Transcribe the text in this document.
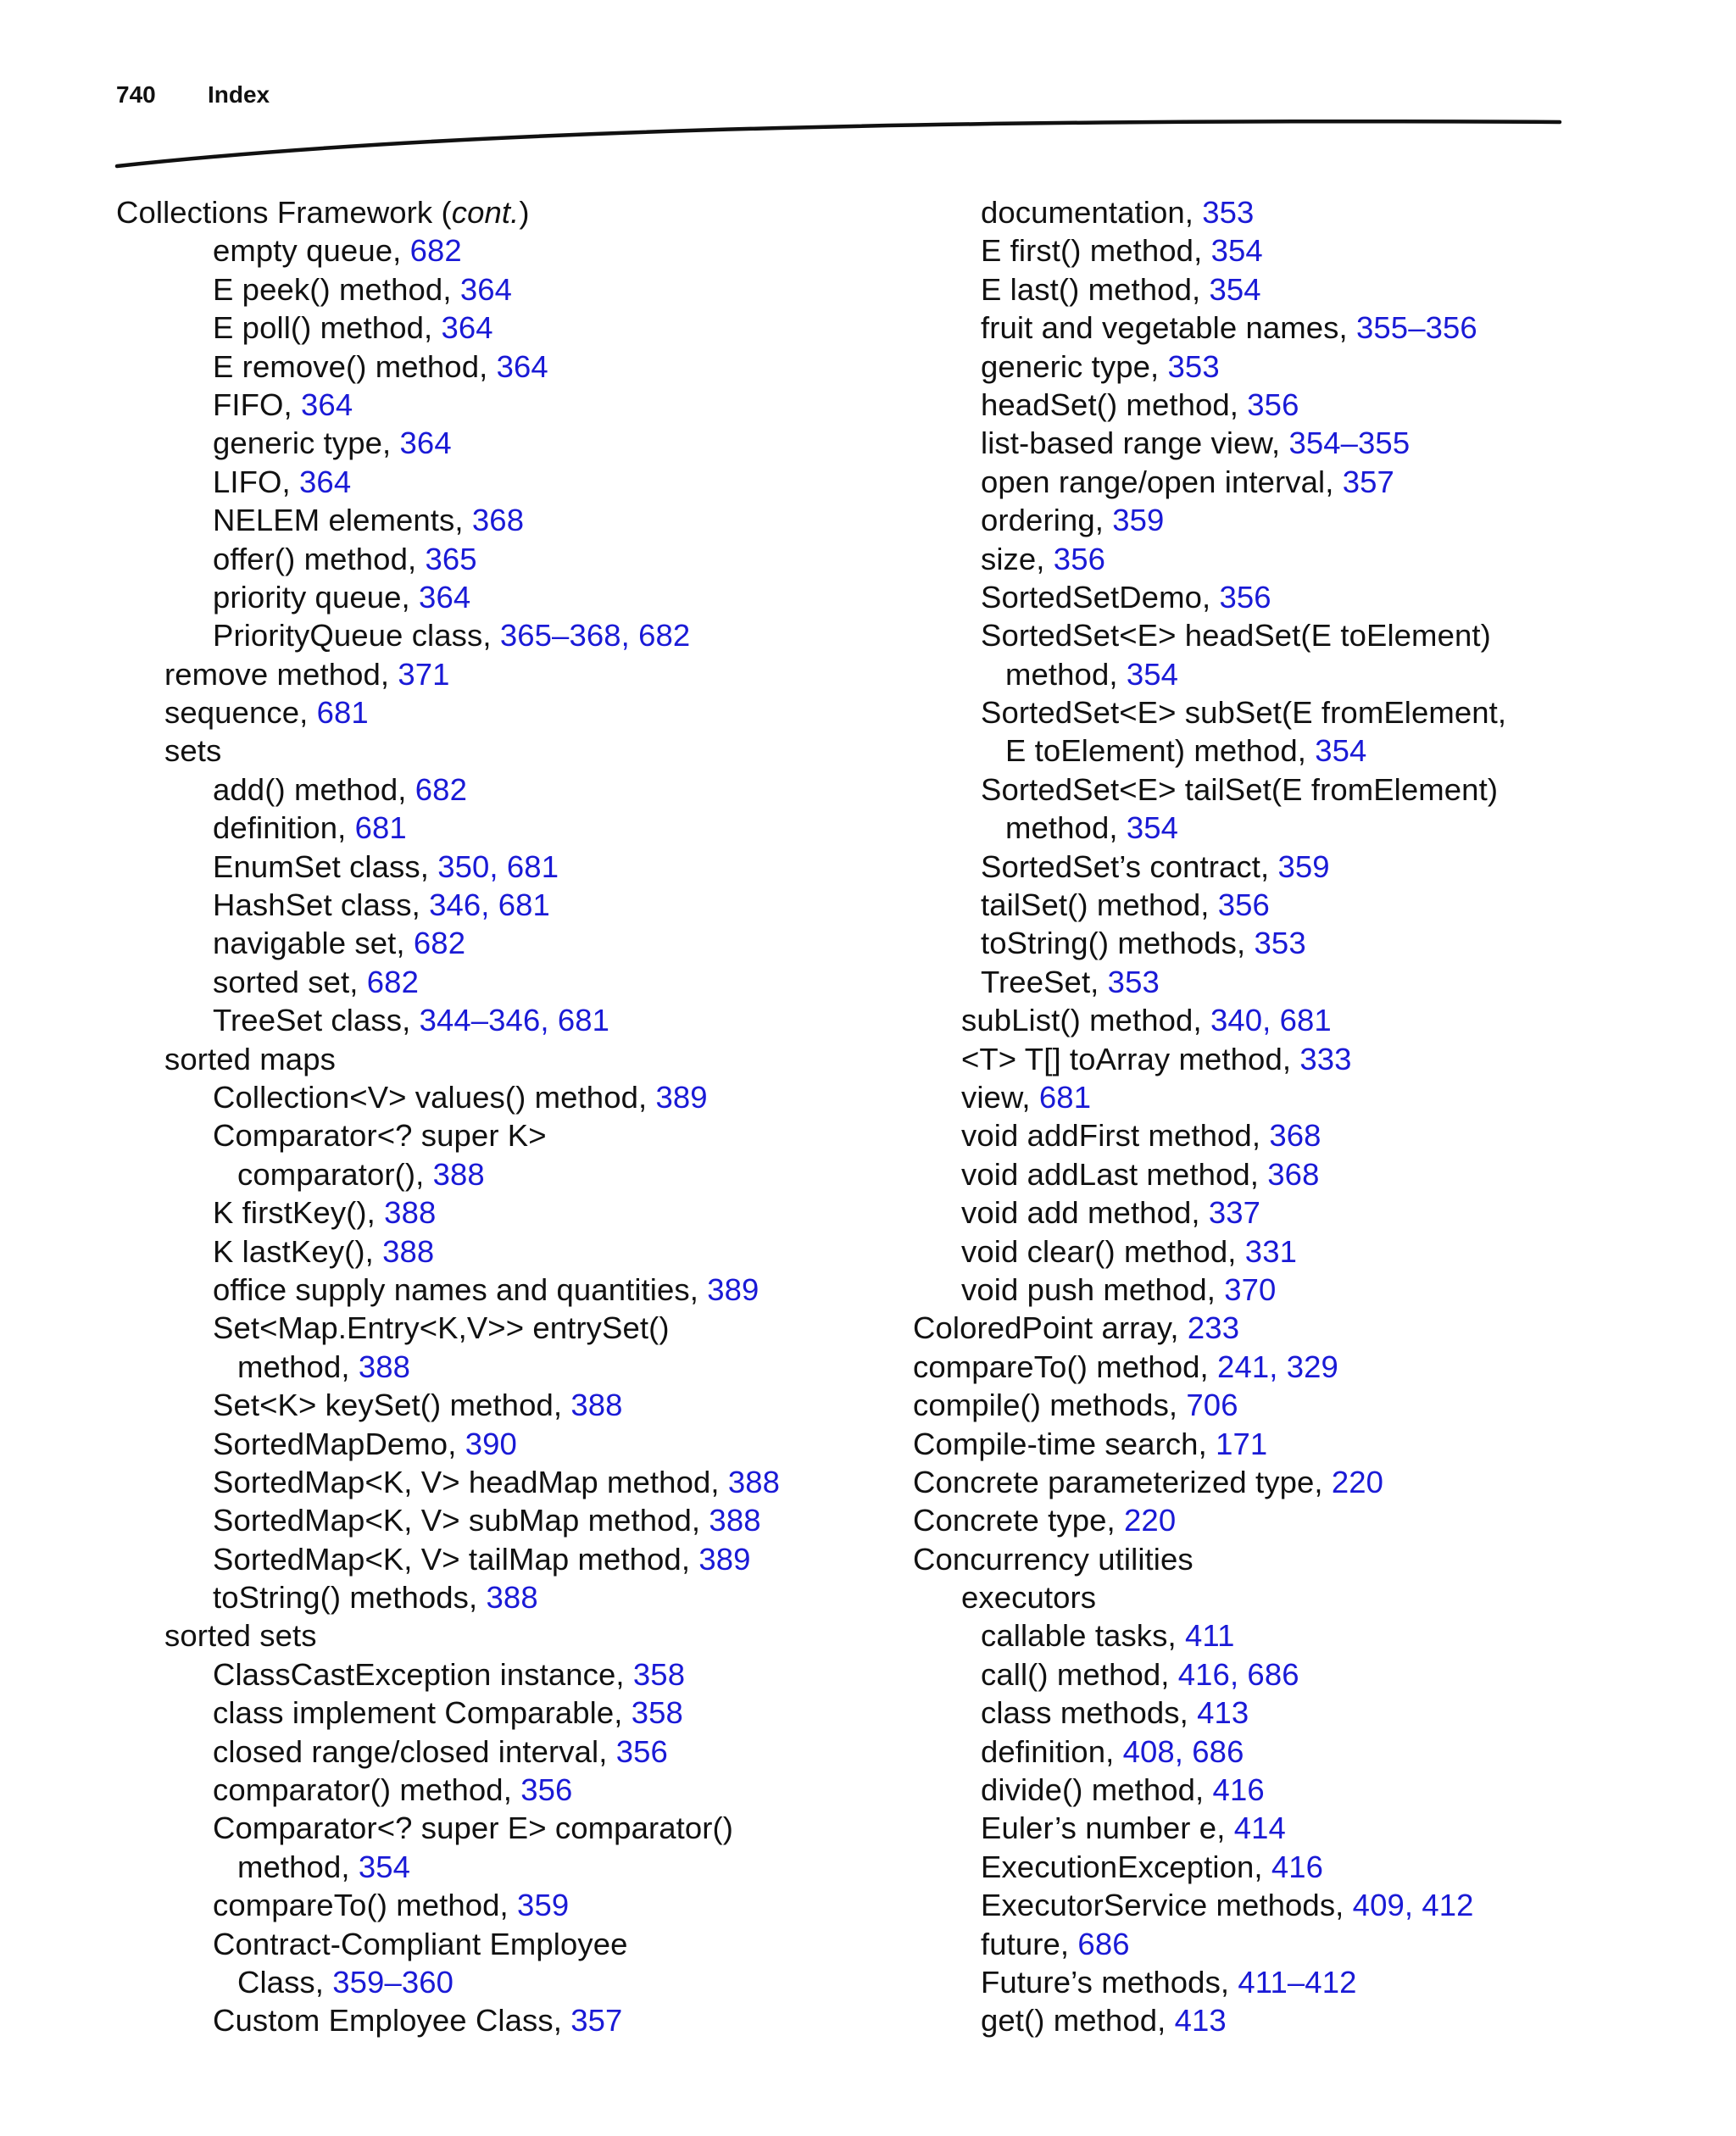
740 Index
Collections Framework (cont.)
empty queue, 682
E peek() method, 364
E poll() method, 364
E remove() method, 364
FIFO, 364
generic type, 364
LIFO, 364
NELEM elements, 368
offer() method, 365
priority queue, 364
PriorityQueue class, 365–368, 682
remove method, 371
sequence, 681
sets
add() method, 682
definition, 681
EnumSet class, 350, 681
HashSet class, 346, 681
navigable set, 682
sorted set, 682
TreeSet class, 344–346, 681
sorted maps
Collection<V> values() method, 389
Comparator<? super K>
comparator(), 388
K firstKey(), 388
K lastKey(), 388
office supply names and quantities, 389
Set<Map.Entry<K,V>> entrySet()
method, 388
Set<K> keySet() method, 388
SortedMapDemo, 390
SortedMap<K, V> headMap method, 388
SortedMap<K, V> subMap method, 388
SortedMap<K, V> tailMap method, 389
toString() methods, 388
sorted sets
ClassCastException instance, 358
class implement Comparable, 358
closed range/closed interval, 356
comparator() method, 356
Comparator<? super E> comparator()
method, 354
compareTo() method, 359
Contract-Compliant Employee
Class, 359–360
Custom Employee Class, 357
documentation, 353
E first() method, 354
E last() method, 354
fruit and vegetable names, 355–356
generic type, 353
headSet() method, 356
list-based range view, 354–355
open range/open interval, 357
ordering, 359
size, 356
SortedSetDemo, 356
SortedSet<E> headSet(E toElement)
method, 354
SortedSet<E> subSet(E fromElement,
E toElement) method, 354
SortedSet<E> tailSet(E fromElement)
method, 354
SortedSet’s contract, 359
tailSet() method, 356
toString() methods, 353
TreeSet, 353
subList() method, 340, 681
<T> T[] toArray method, 333
view, 681
void addFirst method, 368
void addLast method, 368
void add method, 337
void clear() method, 331
void push method, 370
ColoredPoint array, 233
compareTo() method, 241, 329
compile() methods, 706
Compile-time search, 171
Concrete parameterized type, 220
Concrete type, 220
Concurrency utilities
executors
callable tasks, 411
call() method, 416, 686
class methods, 413
definition, 408, 686
divide() method, 416
Euler’s number e, 414
ExecutionException, 416
ExecutorService methods, 409, 412
future, 686
Future’s methods, 411–412
get() method, 413
